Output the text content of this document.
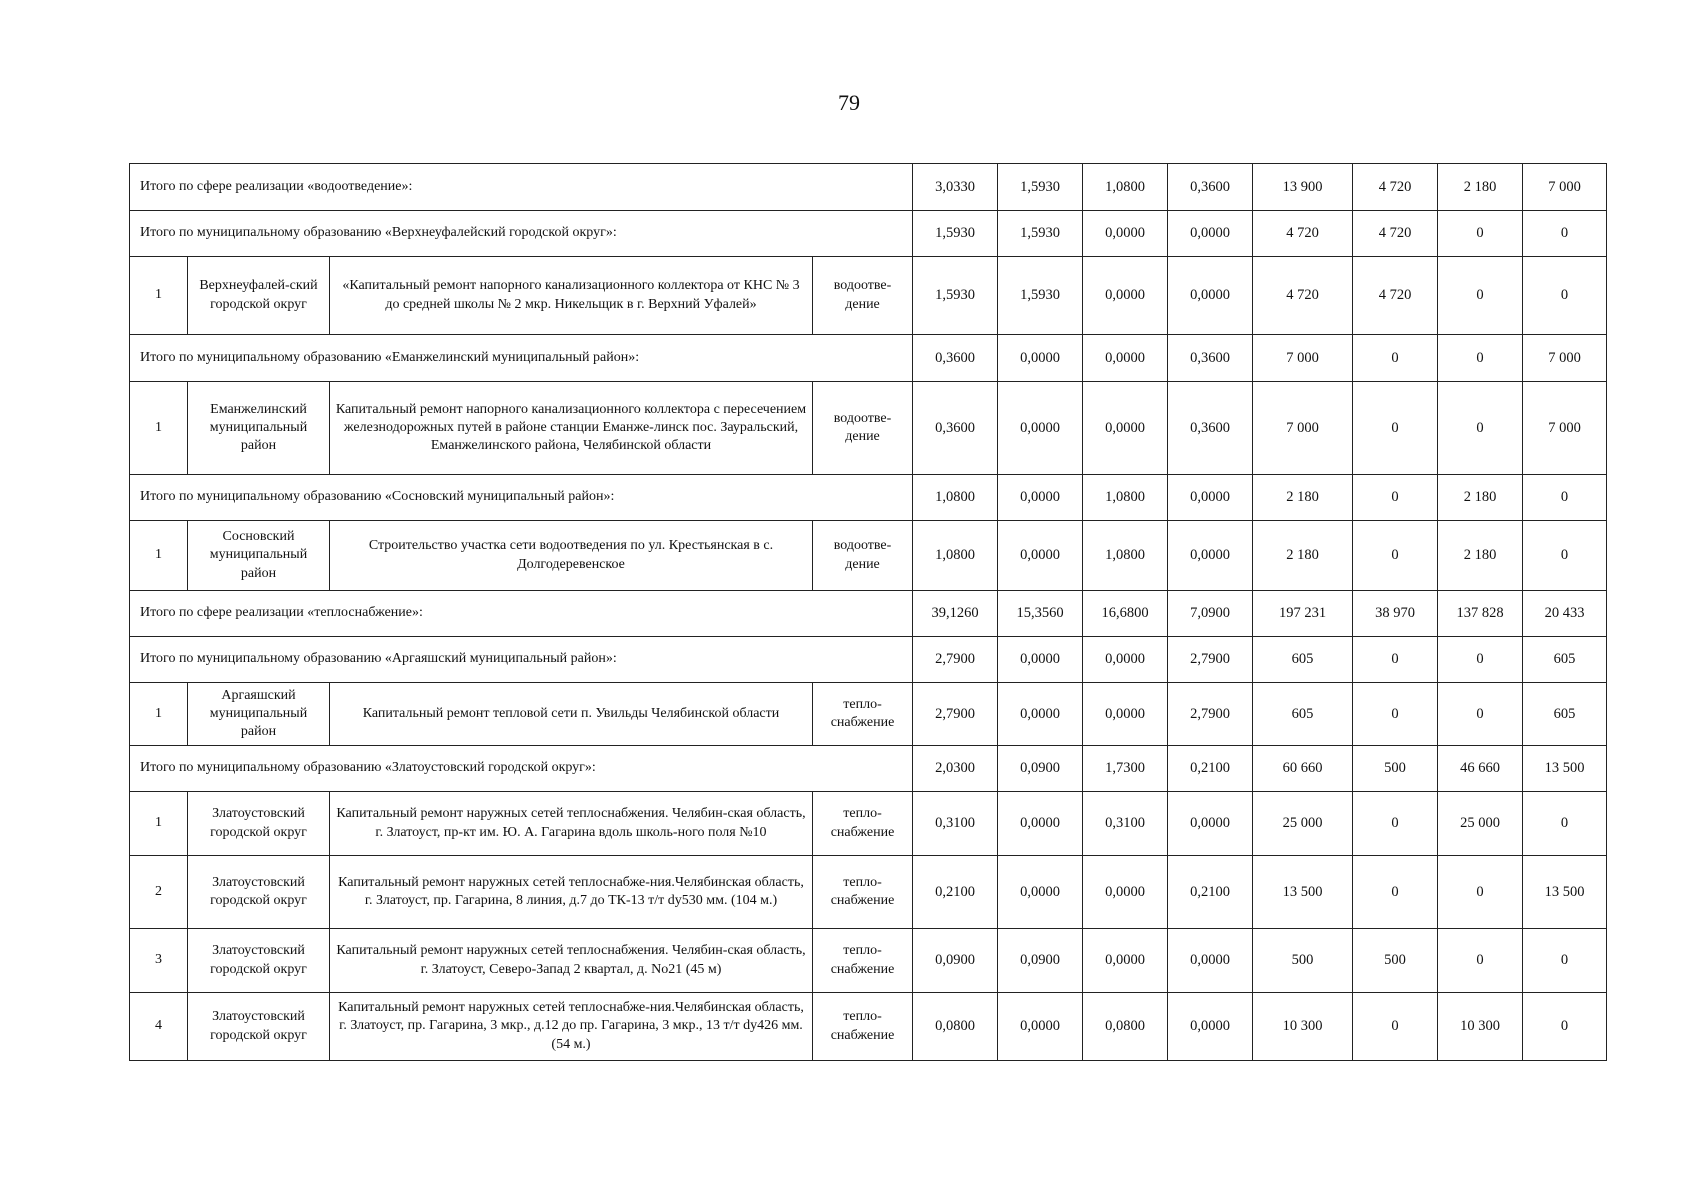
79
Итого по сфере реализации «водоотведение»:				3,0330	1,5930	1,0800	0,3600	13 900	4 720	2 180	7 000
Итого по муниципальному образованию «Верхнеуфалейский городской округ»:				1,5930	1,5930	0,0000	0,0000	4 720	4 720	0	0
1	Верхнеуфалей-ский городской округ	«Капитальный ремонт напорного канализационного коллектора от КНС № 3 до средней школы № 2 мкр. Никельщик в г. Верхний Уфалей»	водоотве-дение	1,5930	1,5930	0,0000	0,0000	4 720	4 720	0	0
Итого по муниципальному образованию «Еманжелинский муниципальный район»:				0,3600	0,0000	0,0000	0,3600	7 000	0	0	7 000
1	Еманжелинский муниципальный район	Капитальный ремонт напорного канализационного коллектора с пересечением железнодорожных путей в районе станции Еманже-линск пос. Зауральский, Еманжелинского района, Челябинской области	водоотве-дение	0,3600	0,0000	0,0000	0,3600	7 000	0	0	7 000
Итого по муниципальному образованию «Сосновский муниципальный район»:				1,0800	0,0000	1,0800	0,0000	2 180	0	2 180	0
1	Сосновский муниципальный район	Строительство участка сети водоотведения по ул. Крестьянская в с. Долгодеревенское	водоотве-дение	1,0800	0,0000	1,0800	0,0000	2 180	0	2 180	0
Итого по сфере реализации «теплоснабжение»:				39,1260	15,3560	16,6800	7,0900	197 231	38 970	137 828	20 433
Итого по муниципальному образованию «Аргаяшский муниципальный район»:				2,7900	0,0000	0,0000	2,7900	605	0	0	605
1	Аргаяшский муниципальный район	Капитальный ремонт тепловой сети п. Увильды Челябинской области	тепло-снабжение	2,7900	0,0000	0,0000	2,7900	605	0	0	605
Итого по муниципальному образованию «Златоустовский городской округ»:				2,0300	0,0900	1,7300	0,2100	60 660	500	46 660	13 500
1	Златоустовский городской округ	Капитальный ремонт наружных сетей теплоснабжения. Челябин-ская область, г. Златоуст, пр-кт им. Ю. А. Гагарина вдоль школь-ного поля №10	тепло-снабжение	0,3100	0,0000	0,3100	0,0000	25 000	0	25 000	0
2	Златоустовский городской округ	Капитальный ремонт наружных сетей теплоснабже-ния.Челябинская область, г. Златоуст, пр. Гагарина, 8 линия, д.7 до ТК-13 т/т dy530 мм. (104 м.)	тепло-снабжение	0,2100	0,0000	0,0000	0,2100	13 500	0	0	13 500
3	Златоустовский городской округ	Капитальный ремонт наружных сетей теплоснабжения. Челябин-ская область, г. Златоуст, Северо-Запад 2 квартал, д. No21 (45 м)	тепло-снабжение	0,0900	0,0900	0,0000	0,0000	500	500	0	0
4	Златоустовский городской округ	Капитальный ремонт наружных сетей теплоснабже-ния.Челябинская область, г. Златоуст, пр. Гагарина, 3 мкр., д.12 до пр. Гагарина, 3 мкр., 13 т/т dy426 мм. (54 м.)	тепло-снабжение	0,0800	0,0000	0,0800	0,0000	10 300	0	10 300	0
